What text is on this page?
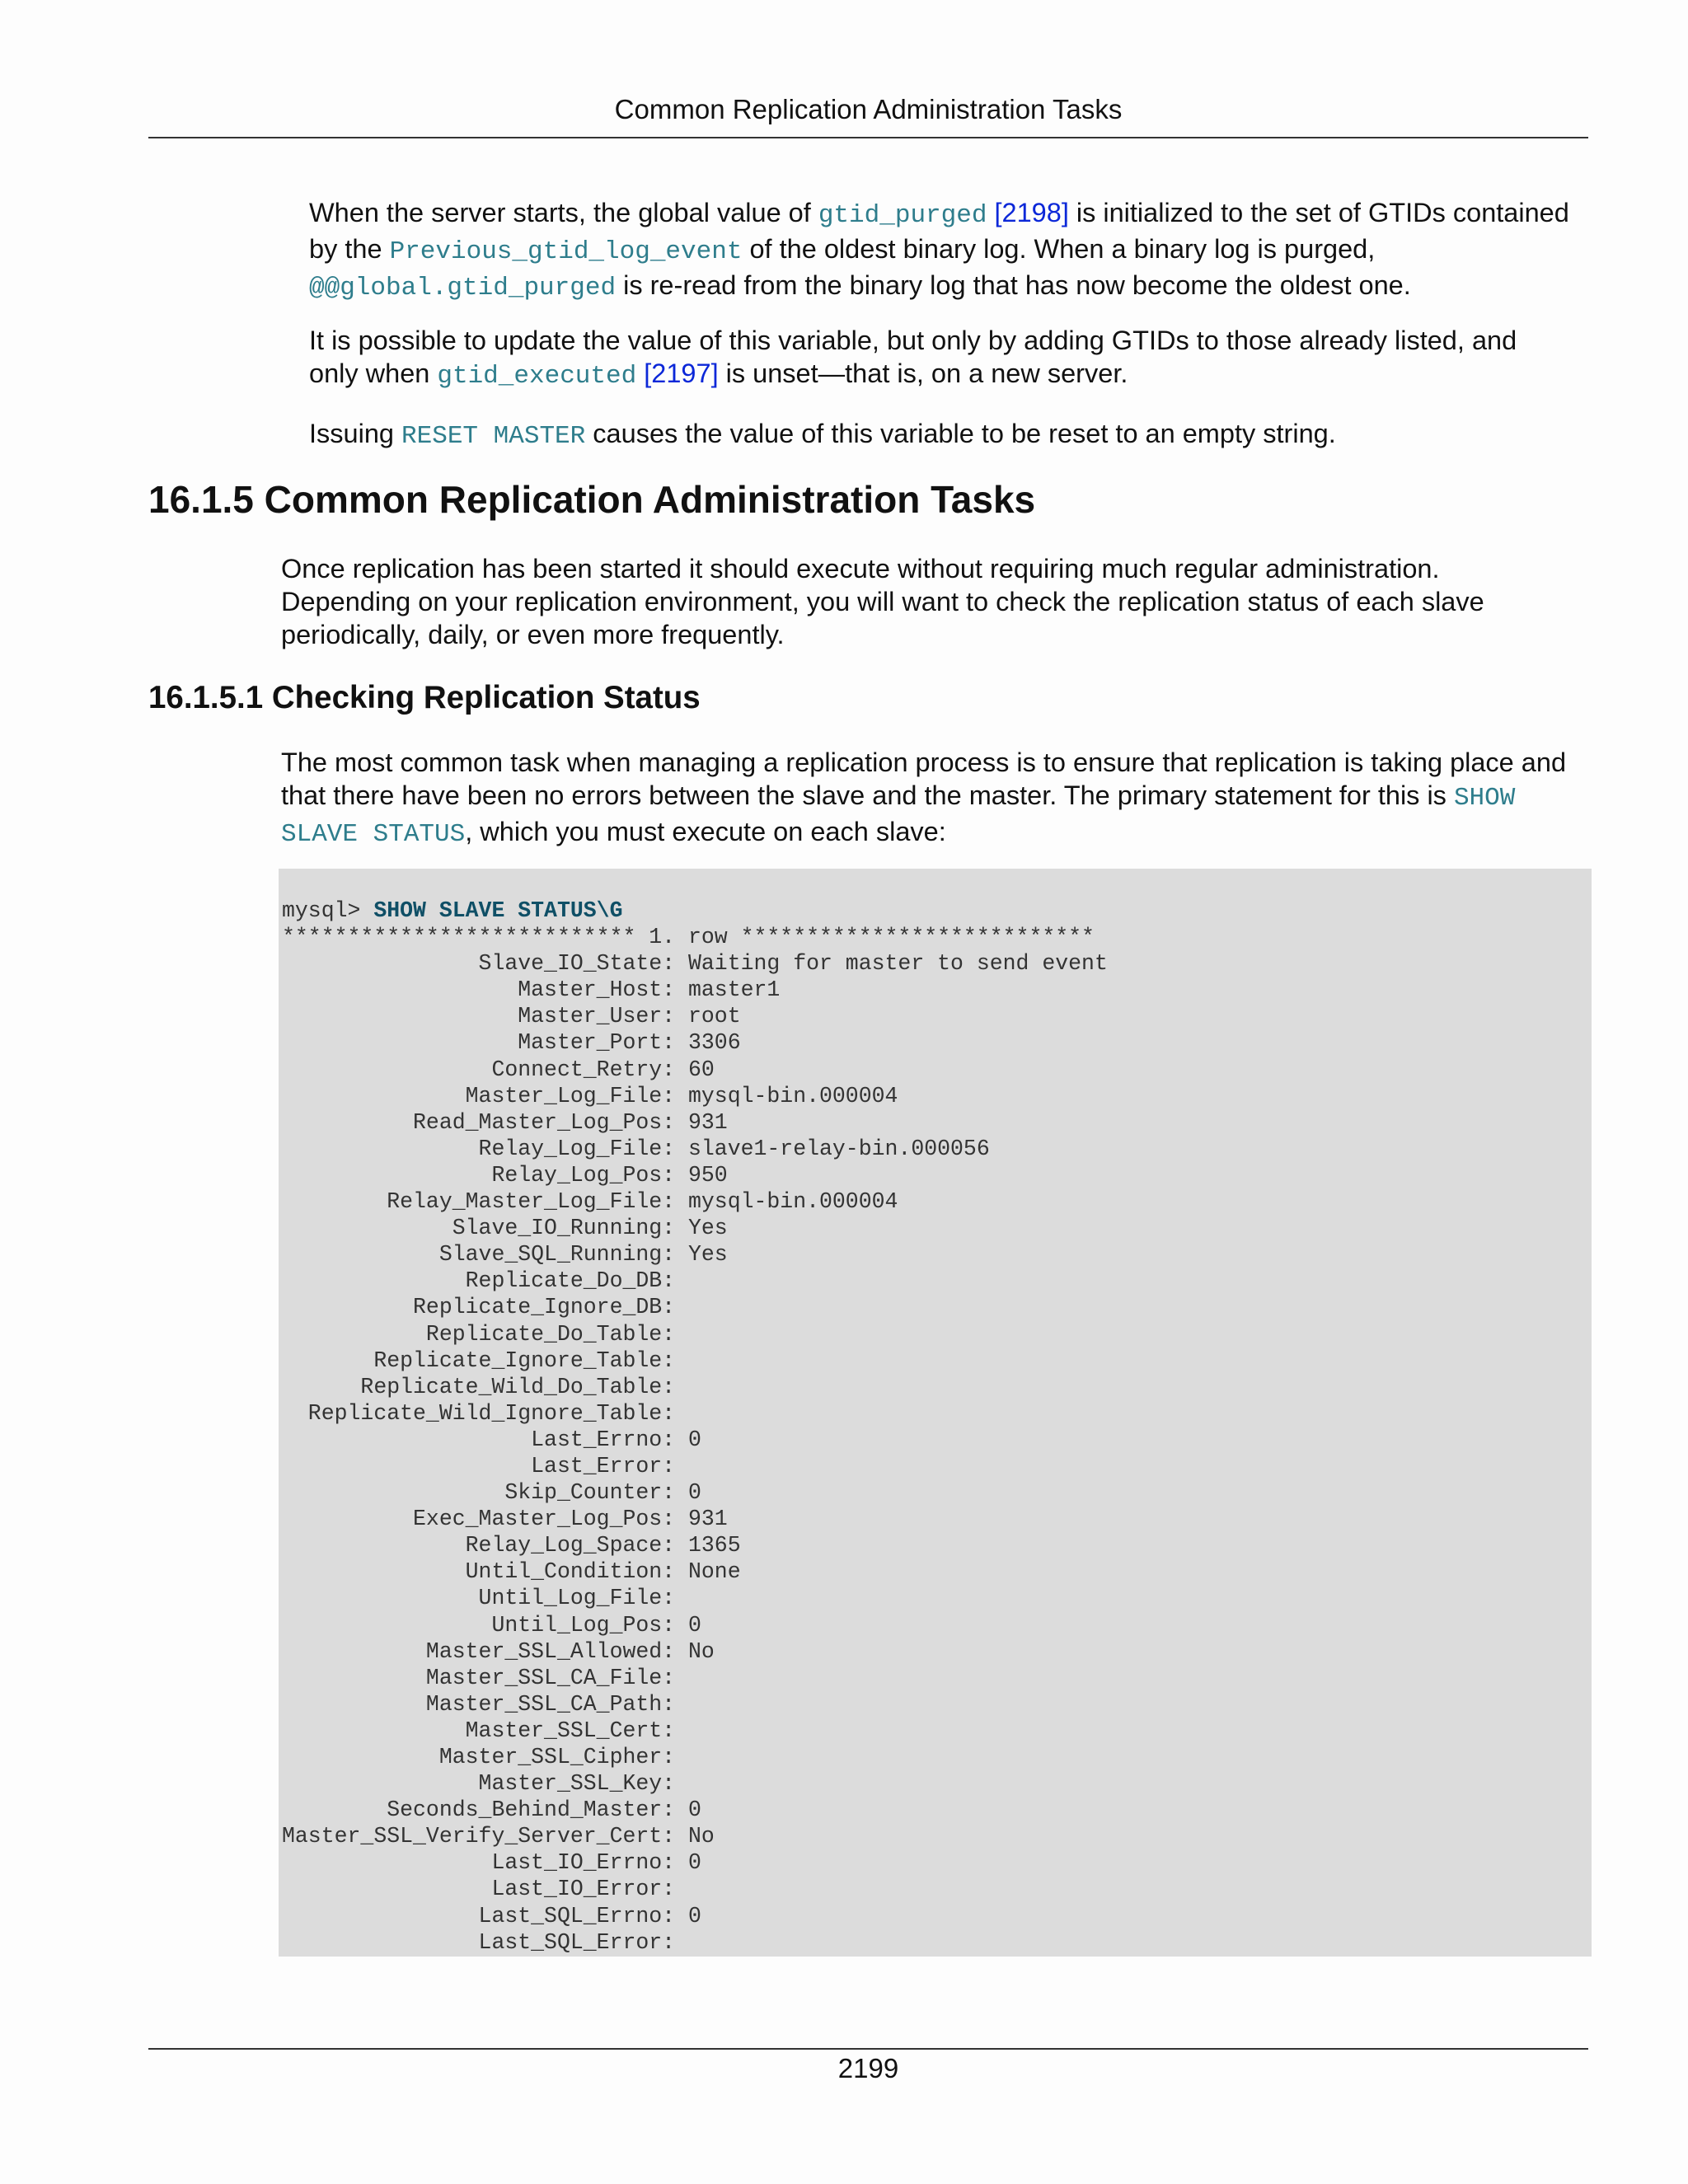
Common Replication Administration Tasks

When the server starts, the global value of gtid_purged [2198] is initialized to the set of GTIDs contained by the Previous_gtid_log_event of the oldest binary log. When a binary log is purged, @@global.gtid_purged is re-read from the binary log that has now become the oldest one.

It is possible to update the value of this variable, but only by adding GTIDs to those already listed, and only when gtid_executed [2197] is unset—that is, on a new server.

Issuing RESET MASTER causes the value of this variable to be reset to an empty string.

16.1.5 Common Replication Administration Tasks

Once replication has been started it should execute without requiring much regular administration. Depending on your replication environment, you will want to check the replication status of each slave periodically, daily, or even more frequently.

16.1.5.1 Checking Replication Status

The most common task when managing a replication process is to ensure that replication is taking place and that there have been no errors between the slave and the master. The primary statement for this is SHOW SLAVE STATUS, which you must execute on each slave:

mysql> SHOW SLAVE STATUS\G
*************************** 1. row ***************************
Slave_IO_State: Waiting for master to send event
Master_Host: master1
Master_User: root
Master_Port: 3306
Connect_Retry: 60
Master_Log_File: mysql-bin.000004
Read_Master_Log_Pos: 931
Relay_Log_File: slave1-relay-bin.000056
Relay_Log_Pos: 950
Relay_Master_Log_File: mysql-bin.000004
Slave_IO_Running: Yes
Slave_SQL_Running: Yes
Replicate_Do_DB:
Replicate_Ignore_DB:
Replicate_Do_Table:
Replicate_Ignore_Table:
Replicate_Wild_Do_Table:
Replicate_Wild_Ignore_Table:
Last_Errno: 0
Last_Error:
Skip_Counter: 0
Exec_Master_Log_Pos: 931
Relay_Log_Space: 1365
Until_Condition: None
Until_Log_File:
Until_Log_Pos: 0
Master_SSL_Allowed: No
Master_SSL_CA_File:
Master_SSL_CA_Path:
Master_SSL_Cert:
Master_SSL_Cipher:
Master_SSL_Key:
Seconds_Behind_Master: 0
Master_SSL_Verify_Server_Cert: No
Last_IO_Errno: 0
Last_IO_Error:
Last_SQL_Errno: 0
Last_SQL_Error:
2199
